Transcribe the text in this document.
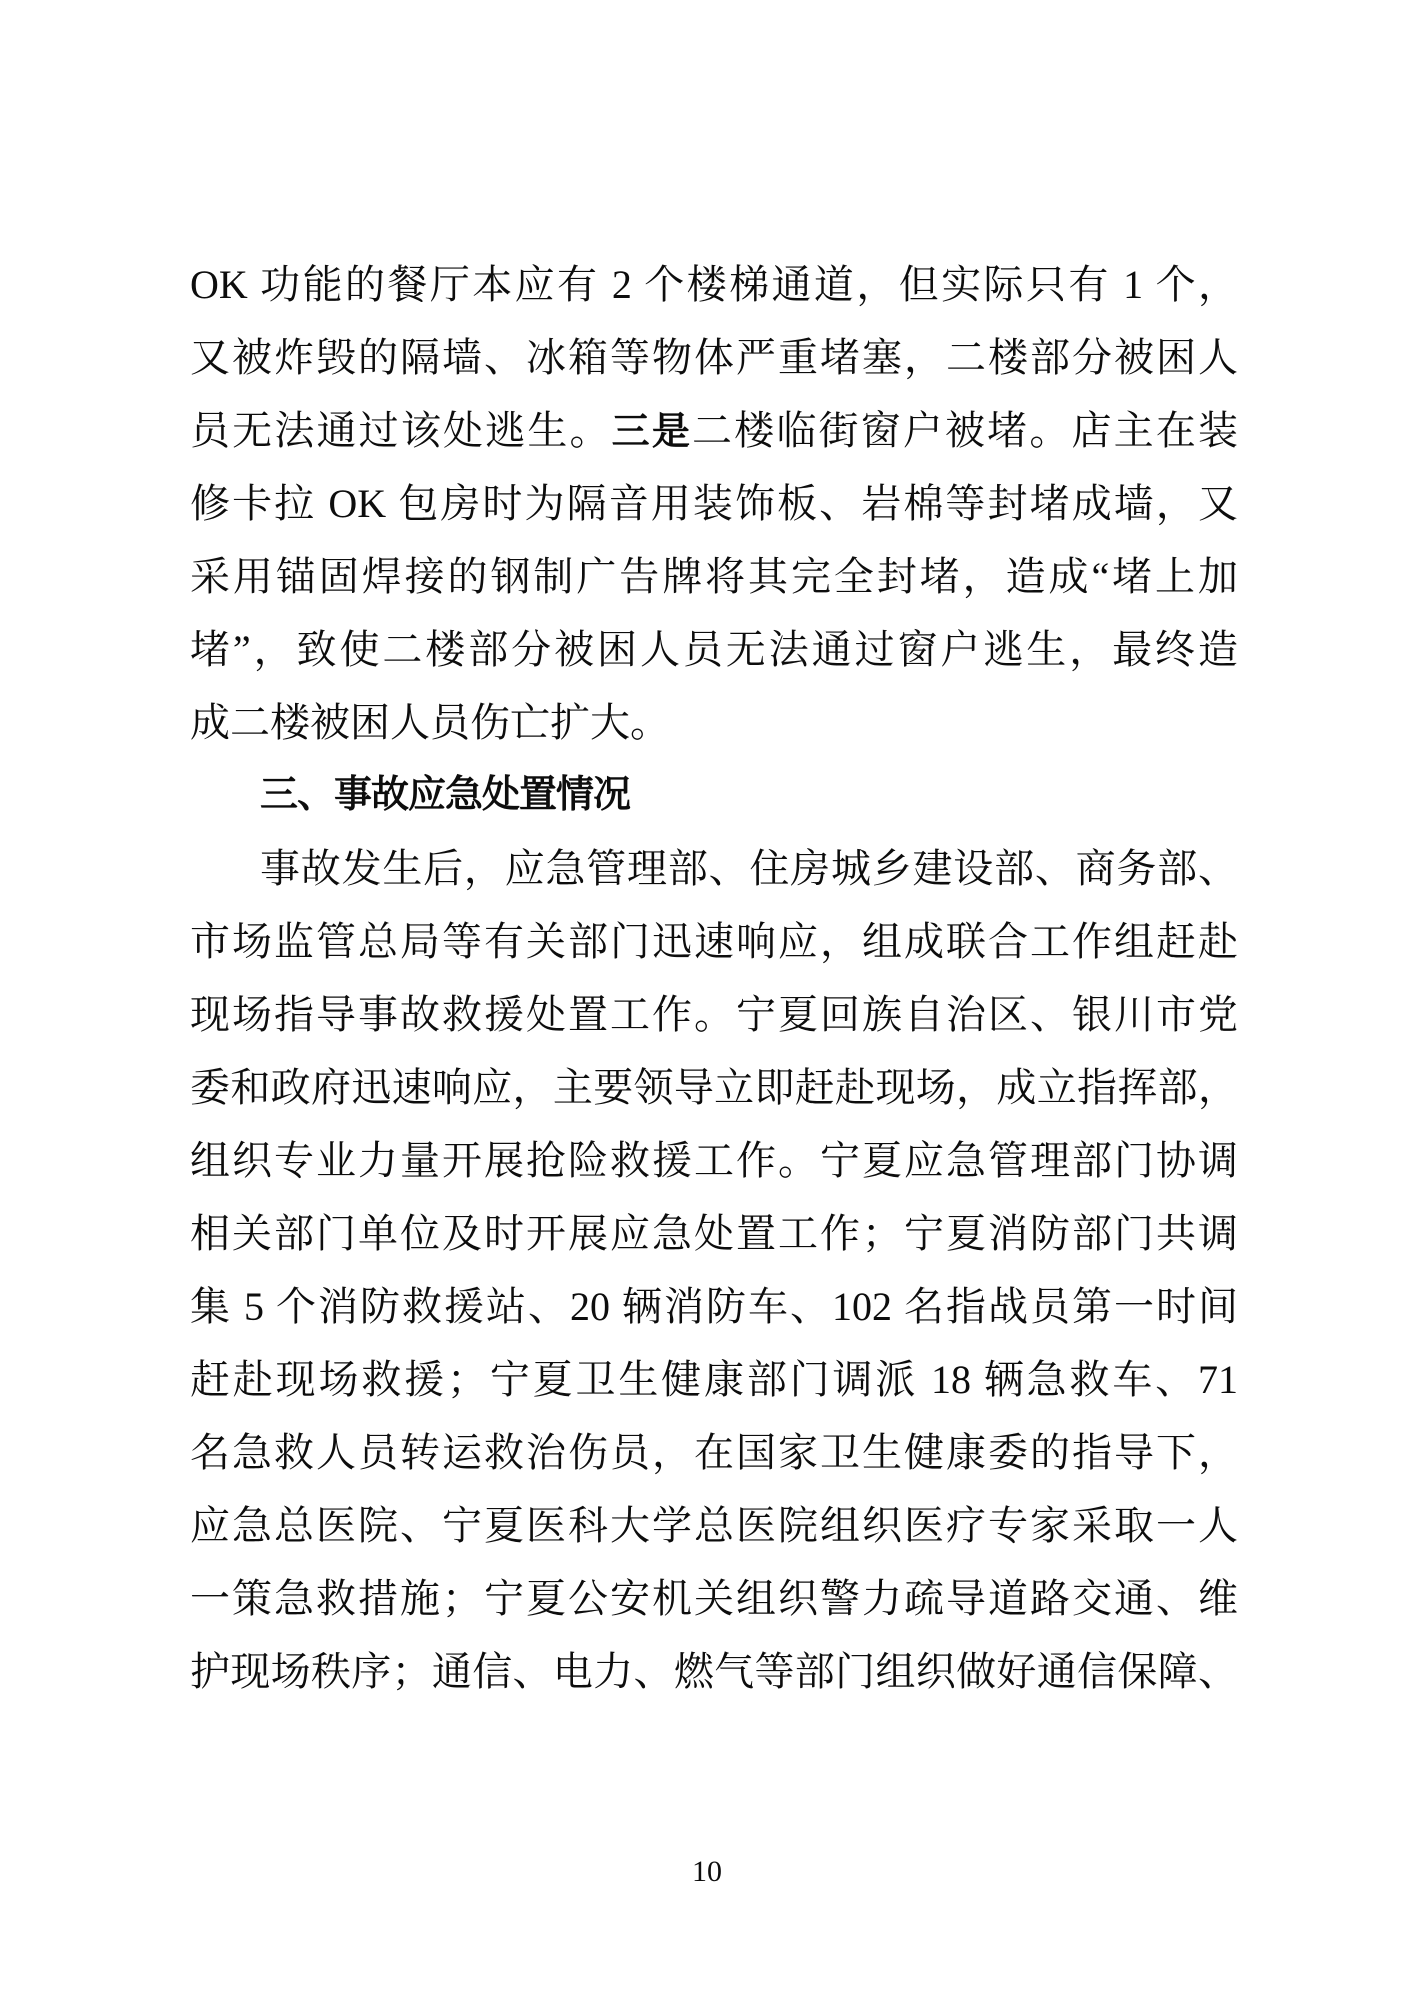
OK 功能的餐厅本应有 2 个楼梯通道，但实际只有 1 个，
又被炸毁的隔墙、冰箱等物体严重堵塞，二楼部分被困人
员无法通过该处逃生。三是二楼临街窗户被堵。店主在装
修卡拉 OK 包房时为隔音用装饰板、岩棉等封堵成墙，又
采用锚固焊接的钢制广告牌将其完全封堵，造成“堵上加
堵”，致使二楼部分被困人员无法通过窗户逃生，最终造
成二楼被困人员伤亡扩大。
三、事故应急处置情况
事故发生后，应急管理部、住房城乡建设部、商务部、
市场监管总局等有关部门迅速响应，组成联合工作组赶赴
现场指导事故救援处置工作。宁夏回族自治区、银川市党
委和政府迅速响应，主要领导立即赶赴现场，成立指挥部，
组织专业力量开展抢险救援工作。宁夏应急管理部门协调
相关部门单位及时开展应急处置工作；宁夏消防部门共调
集 5 个消防救援站、20 辆消防车、102 名指战员第一时间
赶赴现场救援；宁夏卫生健康部门调派 18 辆急救车、71
名急救人员转运救治伤员，在国家卫生健康委的指导下，
应急总医院、宁夏医科大学总医院组织医疗专家采取一人
一策急救措施；宁夏公安机关组织警力疏导道路交通、维
护现场秩序；通信、电力、燃气等部门组织做好通信保障、
10
